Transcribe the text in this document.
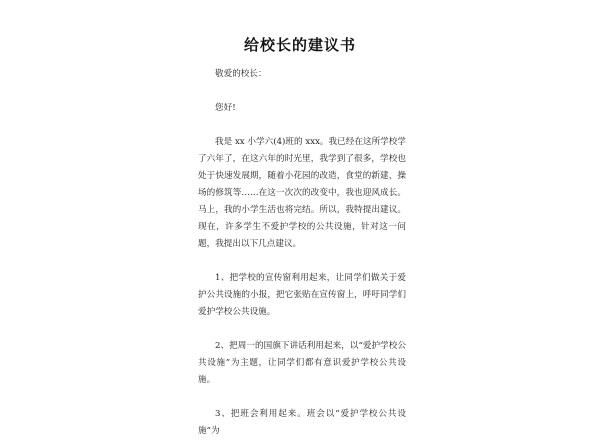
给校长的建议书

敬爱的校长：

您好!

我是 xx 小学六(4)班的 xxx。我已经在这所学校学了六年了，在这六年的时光里，我学到了很多，学校也处于快速发展期，随着小花园的改造，食堂的新建，操场的修筑等……在这一次次的改变中，我也迎风成长。马上，我的小学生活也将完结。所以，我特提出建议。现在，许多学生不爱护学校的公共设施，针对这一问题，我提出以下几点建议。

1、把学校的宣传窗利用起来，让同学们做关于爱护公共设施的小报，把它张贴在宣传窗上，呼吁同学们爱护学校公共设施。

2、把周一的国旗下讲话利用起来，以“爱护学校公共设施”为主题，让同学们都有意识爱护学校公共设施。

3、把班会利用起来。班会以“爱护学校公共设施”为
